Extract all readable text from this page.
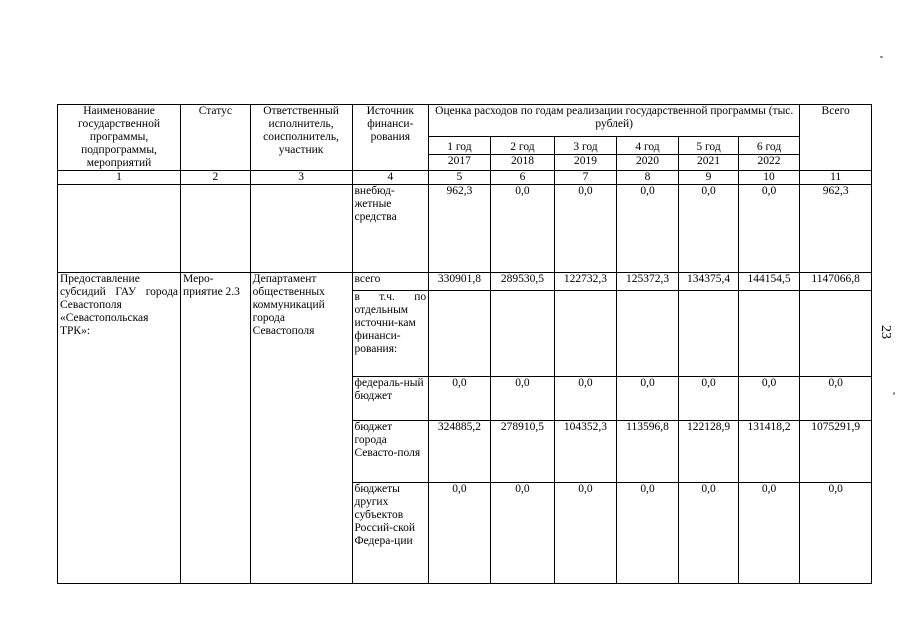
Наименование государственной программы, подпрограммы, мероприятий	Статус	Ответственный исполнитель, соисполнитель, участник	Источник финанси-рования	Оценка расходов по годам реализации государственной программы (тыс. рублей)						Всего
				1 год	2 год	3 год	4 год	5 год	6 год	
				2017	2018	2019	2020	2021	2022	
1	2	3	4	5	6	7	8	9	10	11
			внебюд-жетные средства	962,3	0,0	0,0	0,0	0,0	0,0	962,3
Предоставление субсидий ГАУ города Севастополя «Севастопольская ТРК»:	Меро-приятие 2.3	Департамент общественных коммуникаций города Севастополя	всего	330901,8	289530,5	122732,3	125372,3	134375,4	144154,5	1147066,8
			в т.ч. по отдельным источни-кам финанси-рования:							
			федераль-ный бюджет	0,0	0,0	0,0	0,0	0,0	0,0	0,0
			бюджет города Севасто-поля	324885,2	278910,5	104352,3	113596,8	122128,9	131418,2	1075291,9
			бюджеты других субъектов Россий-ской Федера-ции	0,0	0,0	0,0	0,0	0,0	0,0	0,0
23
